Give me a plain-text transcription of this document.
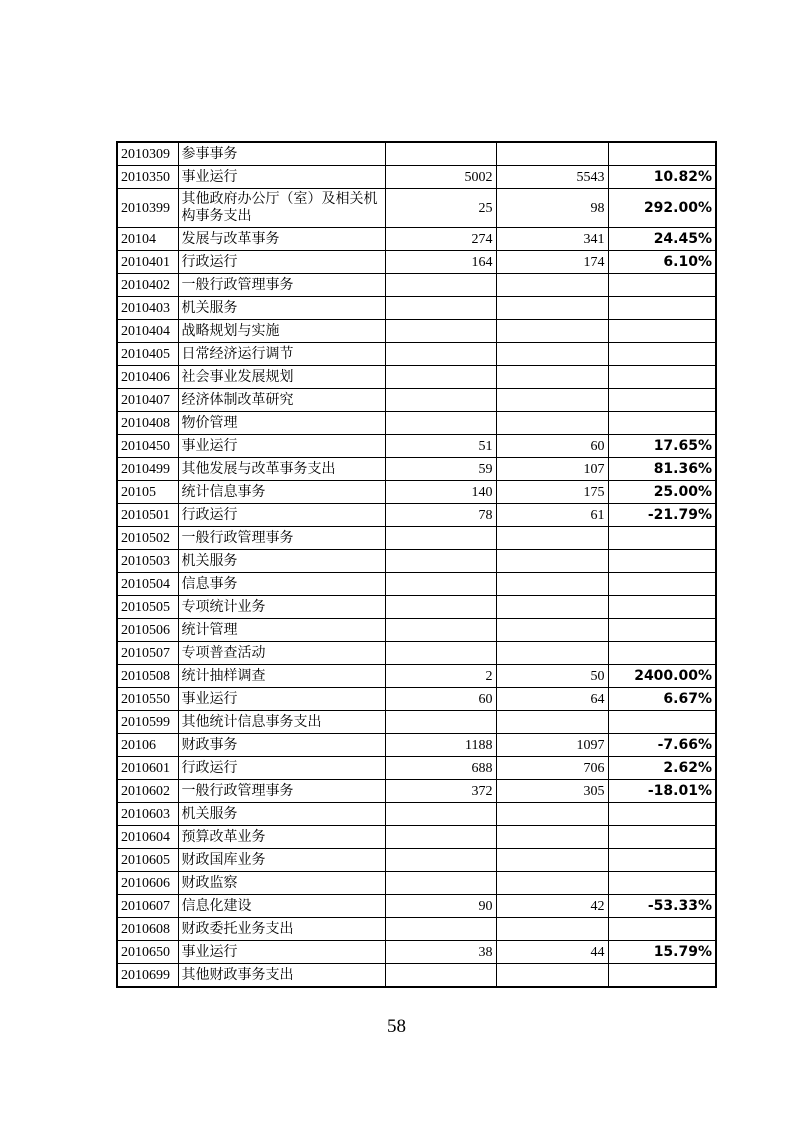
2010309	参事事务			
2010350	事业运行	5002	5543	10.82%
2010399	其他政府办公厅（室）及相关机构事务支出	25	98	292.00%
20104	发展与改革事务	274	341	24.45%
2010401	行政运行	164	174	6.10%
2010402	一般行政管理事务			
2010403	机关服务			
2010404	战略规划与实施			
2010405	日常经济运行调节			
2010406	社会事业发展规划			
2010407	经济体制改革研究			
2010408	物价管理			
2010450	事业运行	51	60	17.65%
2010499	其他发展与改革事务支出	59	107	81.36%
20105	统计信息事务	140	175	25.00%
2010501	行政运行	78	61	-21.79%
2010502	一般行政管理事务			
2010503	机关服务			
2010504	信息事务			
2010505	专项统计业务			
2010506	统计管理			
2010507	专项普查活动			
2010508	统计抽样调查	2	50	2400.00%
2010550	事业运行	60	64	6.67%
2010599	其他统计信息事务支出			
20106	财政事务	1188	1097	-7.66%
2010601	行政运行	688	706	2.62%
2010602	一般行政管理事务	372	305	-18.01%
2010603	机关服务			
2010604	预算改革业务			
2010605	财政国库业务			
2010606	财政监察			
2010607	信息化建设	90	42	-53.33%
2010608	财政委托业务支出			
2010650	事业运行	38	44	15.79%
2010699	其他财政事务支出			
58
